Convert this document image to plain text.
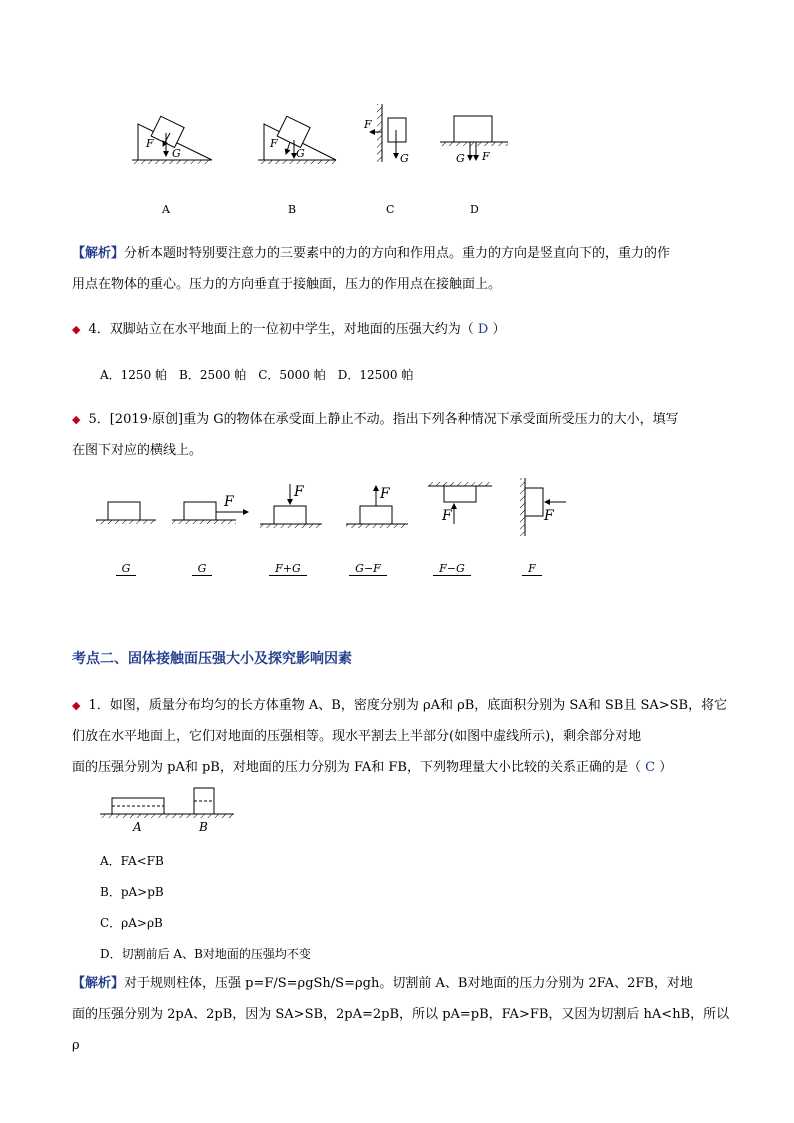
F
G
F
G
F
G	G F
A	B	C	D
【解析】分析本题时特别要注意力的三要素中的力的方向和作用点。重力的方向是竖直向下的，重力的作
用点在物体的重心。压力的方向垂直于接触面，压力的作用点在接触面上。
◆ 4．双脚站立在水平地面上的一位初中学生，对地面的压强大约为（ D ）
A．1250 帕　B．2500 帕　C．5000 帕　D．12500 帕
◆ 5．[2019·原创]重为 G的物体在承受面上静止不动。指出下列各种情况下承受面所受压力的大小，填写
在图下对应的横线上。
F
F	F
F	F
G	G	F+G	G−F	F−G	F
考点二、固体接触面压强大小及探究影响因素
◆ 1．如图，质量分布均匀的长方体重物 A、B，密度分别为 ρA和 ρB，底面积分别为 SA和 SB且 SA>SB，将它
们放在水平地面上，它们对地面的压强相等。现水平割去上半部分(如图中虚线所示)，剩余部分对地
面的压强分别为 pA和 pB，对地面的压力分别为 FA和 FB，下列物理量大小比较的关系正确的是（ C ）
A	B
A．FA<FB
B．pA>pB
C．ρA>ρB
D．切割前后 A、B对地面的压强均不变
【解析】对于规则柱体，压强 p=F/S=ρgSh/S=ρgh。切割前 A、B对地面的压力分别为 2FA、2FB，对地
面的压强分别为 2pA、2pB，因为 SA>SB，2pA=2pB，所以 pA=pB，FA>FB，又因为切割后 hA<hB，所以 ρ
